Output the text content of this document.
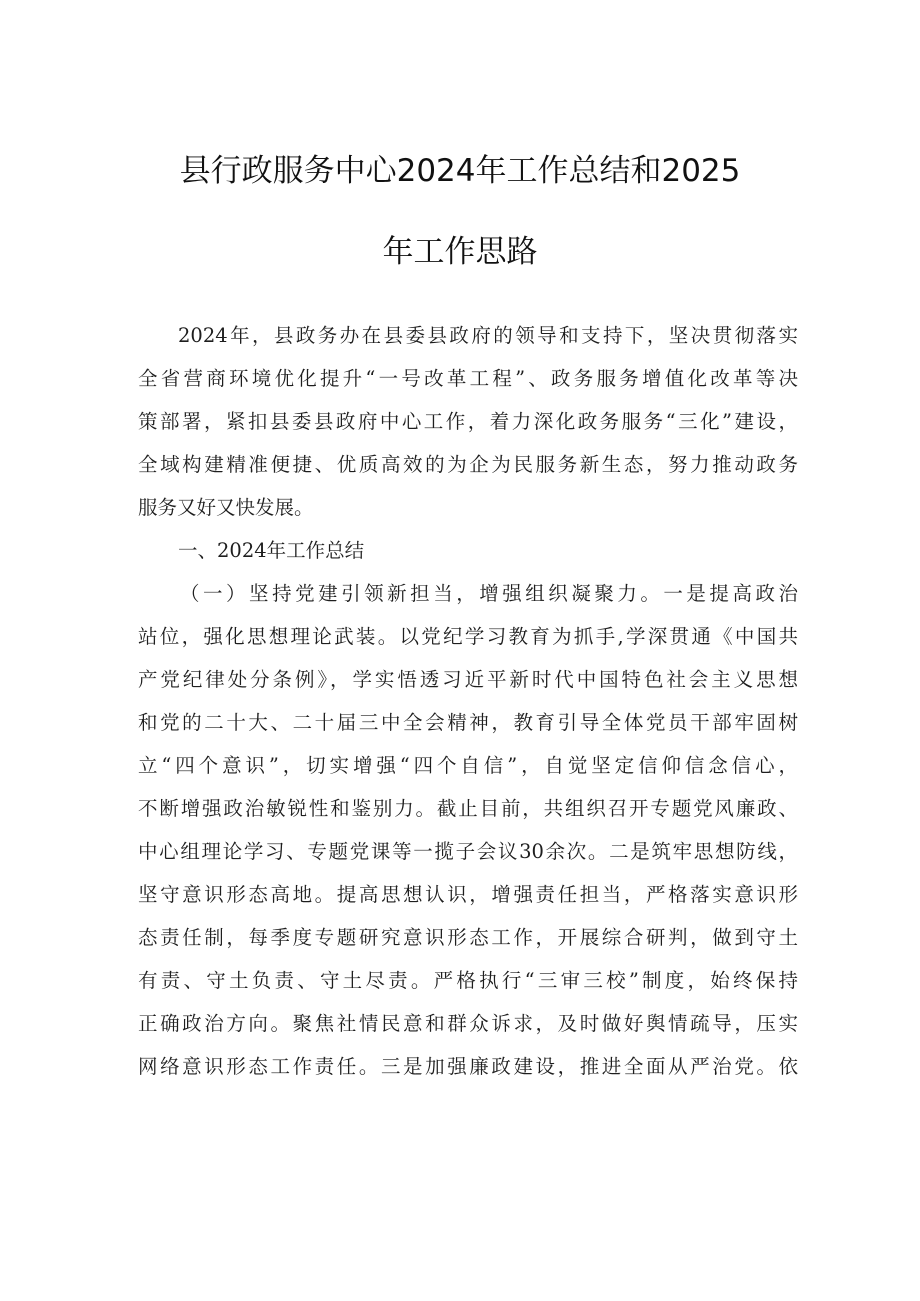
县行政服务中心2024年工作总结和2025
年工作思路
2024年，县政务办在县委县政府的领导和支持下，坚决贯彻落实
全省营商环境优化提升“一号改革工程”、政务服务增值化改革等决
策部署，紧扣县委县政府中心工作，着力深化政务服务“三化”建设，
全域构建精准便捷、优质高效的为企为民服务新生态，努力推动政务
服务又好又快发展。
一、2024年工作总结
（一）坚持党建引领新担当，增强组织凝聚力。一是提高政治
站位，强化思想理论武装。以党纪学习教育为抓手,学深贯通《中国共
产党纪律处分条例》，学实悟透习近平新时代中国特色社会主义思想
和党的二十大、二十届三中全会精神，教育引导全体党员干部牢固树
立“四个意识”，切实增强“四个自信”，自觉坚定信仰信念信心，
不断增强政治敏锐性和鉴别力。截止目前，共组织召开专题党风廉政、
中心组理论学习、专题党课等一揽子会议30余次。二是筑牢思想防线，
坚守意识形态高地。提高思想认识，增强责任担当，严格落实意识形
态责任制，每季度专题研究意识形态工作，开展综合研判，做到守土
有责、守土负责、守土尽责。严格执行“三审三校”制度，始终保持
正确政治方向。聚焦社情民意和群众诉求，及时做好舆情疏导，压实
网络意识形态工作责任。三是加强廉政建设，推进全面从严治党。依
